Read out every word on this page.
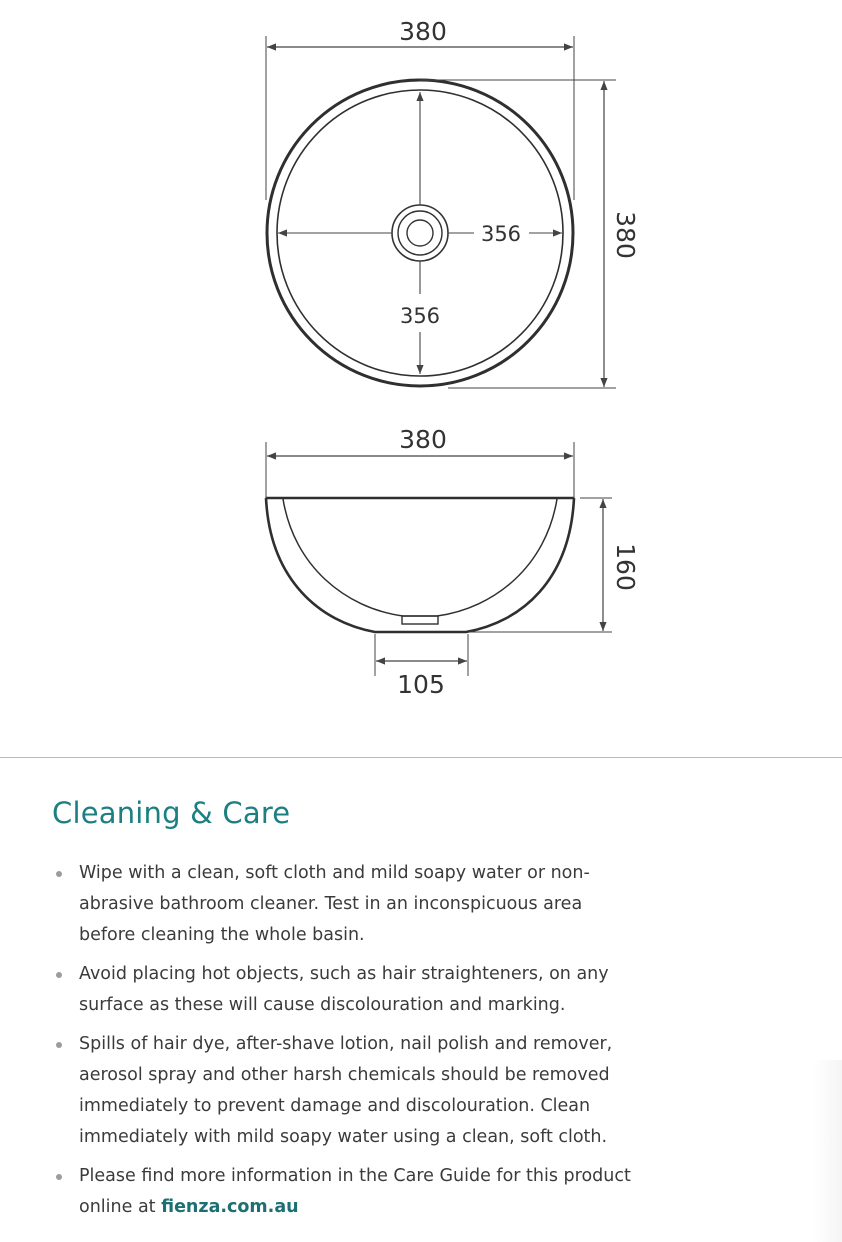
380
380
356
356
380
160
105
Cleaning & Care
Wipe with a clean, soft cloth and mild soapy water or non-
abrasive bathroom cleaner. Test in an inconspicuous area
before cleaning the whole basin.
Avoid placing hot objects, such as hair straighteners, on any
surface as these will cause discolouration and marking.
Spills of hair dye, after-shave lotion, nail polish and remover,
aerosol spray and other harsh chemicals should be removed
immediately to prevent damage and discolouration. Clean
immediately with mild soapy water using a clean, soft cloth.
Please find more information in the Care Guide for this product
online at fienza.com.au
